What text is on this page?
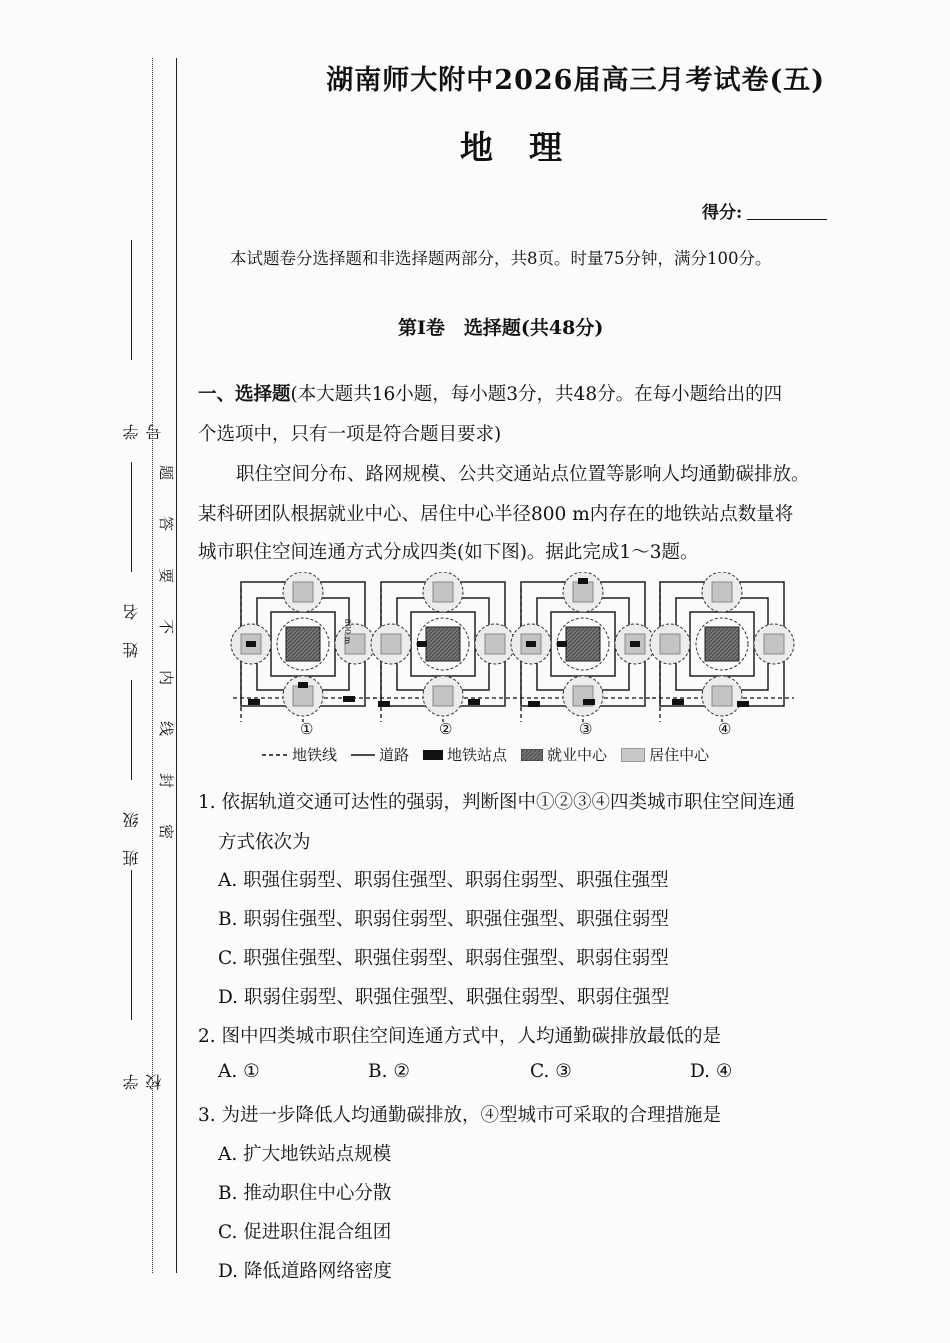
学号
姓名
班级
学校
题
答
要
不
内
线
封
密
湖南师大附中2026届高三月考试卷(五)
地理
得分:
本试题卷分选择题和非选择题两部分，共8页。时量75分钟，满分100分。
第Ⅰ卷　选择题(共48分)
一、选择题(本大题共16小题，每小题3分，共48分。在每小题给出的四
个选项中，只有一项是符合题目要求)
职住空间分布、路网规模、公共交通站点位置等影响人均通勤碳排放。
某科研团队根据就业中心、居住中心半径800 m内存在的地铁站点数量将
城市职住空间连通方式分成四类(如下图)。据此完成1～3题。
①	②	③	④
800 m
地铁线	道路	地铁站点	就业中心	居住中心
1. 依据轨道交通可达性的强弱，判断图中①②③④四类城市职住空间连通
方式依次为
A. 职强住弱型、职弱住强型、职弱住弱型、职强住强型
B. 职弱住强型、职弱住弱型、职强住强型、职强住弱型
C. 职强住强型、职强住弱型、职弱住强型、职弱住弱型
D. 职弱住弱型、职强住强型、职强住弱型、职弱住强型
2. 图中四类城市职住空间连通方式中，人均通勤碳排放最低的是
A. ①	B. ②	C. ③	D. ④
3. 为进一步降低人均通勤碳排放，④型城市可采取的合理措施是
A. 扩大地铁站点规模
B. 推动职住中心分散
C. 促进职住混合组团
D. 降低道路网络密度
